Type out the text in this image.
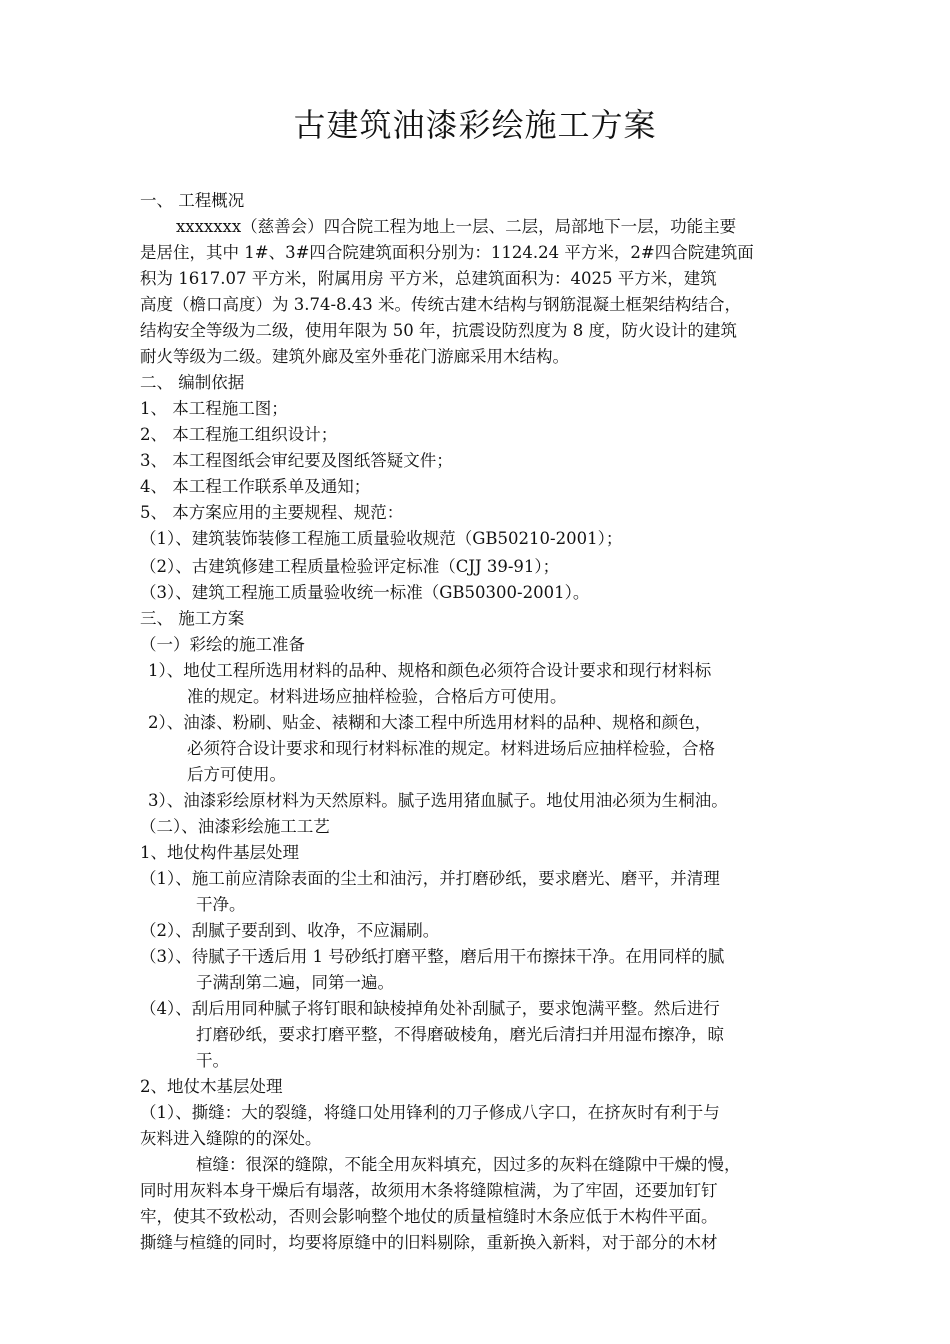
古建筑油漆彩绘施工方案
一、 工程概况
xxxxxxx（慈善会）四合院工程为地上一层、二层，局部地下一层，功能主要
是居住，其中 1#、3#四合院建筑面积分别为：1124.24 平方米，2#四合院建筑面
积为 1617.07 平方米，附属用房 平方米，总建筑面积为：4025 平方米，建筑
高度（檐口高度）为 3.74-8.43 米。传统古建木结构与钢筋混凝土框架结构结合，
结构安全等级为二级，使用年限为 50 年，抗震设防烈度为 8 度，防火设计的建筑
耐火等级为二级。建筑外廊及室外垂花门游廊采用木结构。
二、 编制依据
1、 本工程施工图；
2、 本工程施工组织设计；
3、 本工程图纸会审纪要及图纸答疑文件；
4、 本工程工作联系单及通知；
5、 本方案应用的主要规程、规范：
（1）、建筑装饰装修工程施工质量验收规范（GB50210-2001）；
（2）、古建筑修建工程质量检验评定标准（CJJ 39-91）；
（3）、建筑工程施工质量验收统一标准（GB50300-2001）。
三、 施工方案
（一）彩绘的施工准备
1）、地仗工程所选用材料的品种、规格和颜色必须符合设计要求和现行材料标
准的规定。材料进场应抽样检验，合格后方可使用。
2）、油漆、粉刷、贴金、裱糊和大漆工程中所选用材料的品种、规格和颜色，
必须符合设计要求和现行材料标准的规定。材料进场后应抽样检验，合格
后方可使用。
3）、油漆彩绘原材料为天然原料。腻子选用猪血腻子。地仗用油必须为生桐油。
（二）、油漆彩绘施工工艺
1、地仗构件基层处理
（1）、施工前应清除表面的尘土和油污，并打磨砂纸，要求磨光、磨平，并清理
干净。
（2）、刮腻子要刮到、收净，不应漏刷。
（3）、待腻子干透后用 1 号砂纸打磨平整，磨后用干布擦抹干净。在用同样的腻
子满刮第二遍，同第一遍。
（4）、刮后用同种腻子将钉眼和缺棱掉角处补刮腻子，要求饱满平整。然后进行
打磨砂纸，要求打磨平整，不得磨破棱角，磨光后清扫并用湿布擦净，晾
干。
2、地仗木基层处理
（1）、撕缝：大的裂缝，将缝口处用锋利的刀子修成八字口，在挤灰时有利于与
灰料进入缝隙的的深处。
楦缝：很深的缝隙，不能全用灰料填充，因过多的灰料在缝隙中干燥的慢，
同时用灰料本身干燥后有塌落，故须用木条将缝隙楦满，为了牢固，还要加钉钉
牢，使其不致松动，否则会影响整个地仗的质量楦缝时木条应低于木构件平面。
撕缝与楦缝的同时，均要将原缝中的旧料剔除，重新换入新料，对于部分的木材
